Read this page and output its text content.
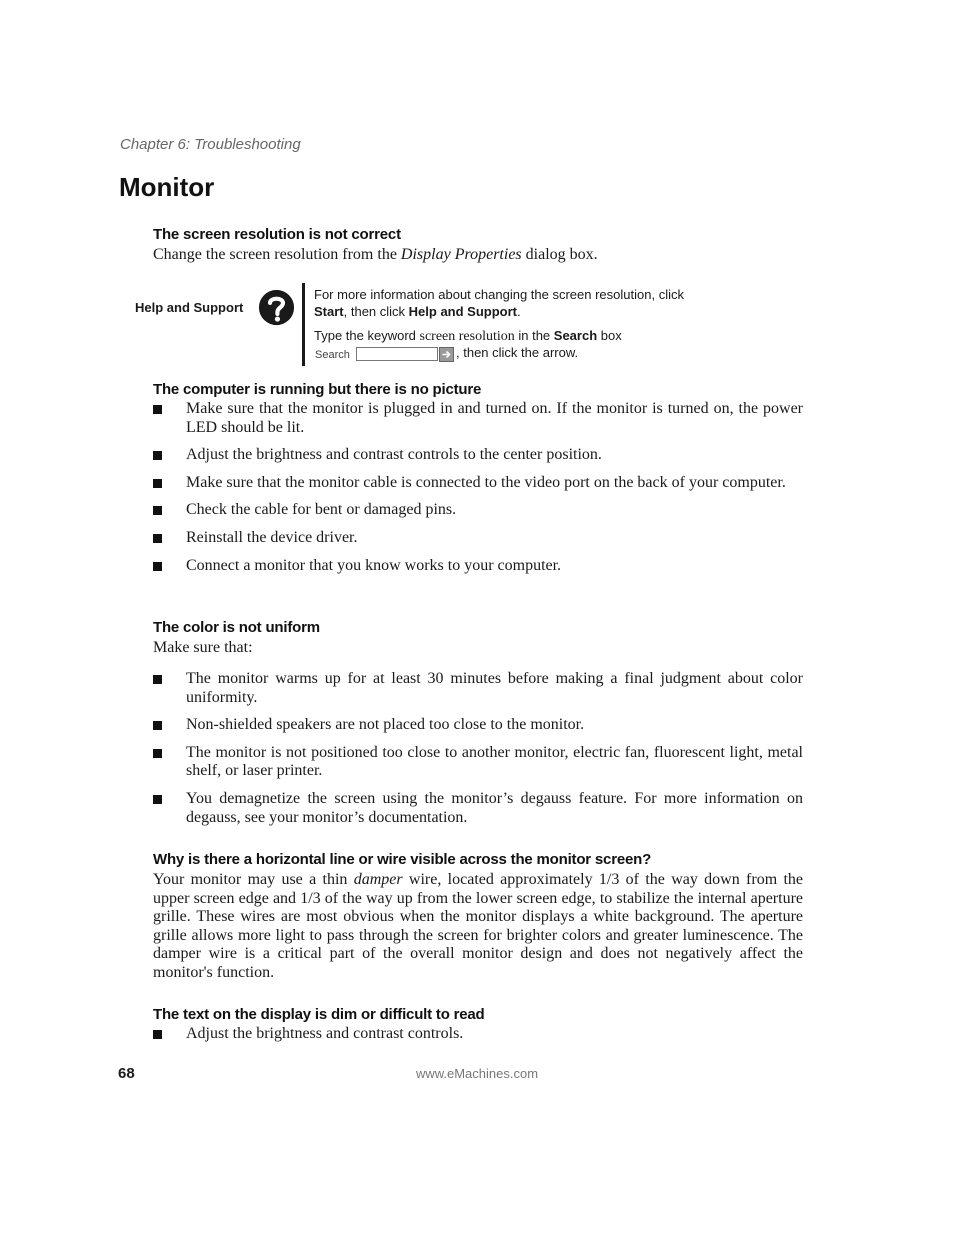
Chapter 6: Troubleshooting
Monitor
The screen resolution is not correct
Change the screen resolution from the Display Properties dialog box.
Help and Support
For more information about changing the screen resolution, click
Start, then click Help and Support.
Type the keyword screen resolution in the Search box
Search	, then click the arrow.
The computer is running but there is no picture
Make sure that the monitor is plugged in and turned on. If the monitor is turned on, the power LED should be lit.
Adjust the brightness and contrast controls to the center position.
Make sure that the monitor cable is connected to the video port on the back of your computer.
Check the cable for bent or damaged pins.
Reinstall the device driver.
Connect a monitor that you know works to your computer.
The color is not uniform
Make sure that:
The monitor warms up for at least 30 minutes before making a final judgment about color uniformity.
Non-shielded speakers are not placed too close to the monitor.
The monitor is not positioned too close to another monitor, electric fan, fluorescent light, metal shelf, or laser printer.
You demagnetize the screen using the monitor’s degauss feature. For more information on degauss, see your monitor’s documentation.
Why is there a horizontal line or wire visible across the monitor screen?
Your monitor may use a thin damper wire, located approximately 1/3 of the way down from the upper screen edge and 1/3 of the way up from the lower screen edge, to stabilize the internal aperture grille. These wires are most obvious when the monitor displays a white background. The aperture grille allows more light to pass through the screen for brighter colors and greater luminescence. The damper wire is a critical part of the overall monitor design and does not negatively affect the monitor's function.
The text on the display is dim or difficult to read
Adjust the brightness and contrast controls.
68	www.eMachines.com
